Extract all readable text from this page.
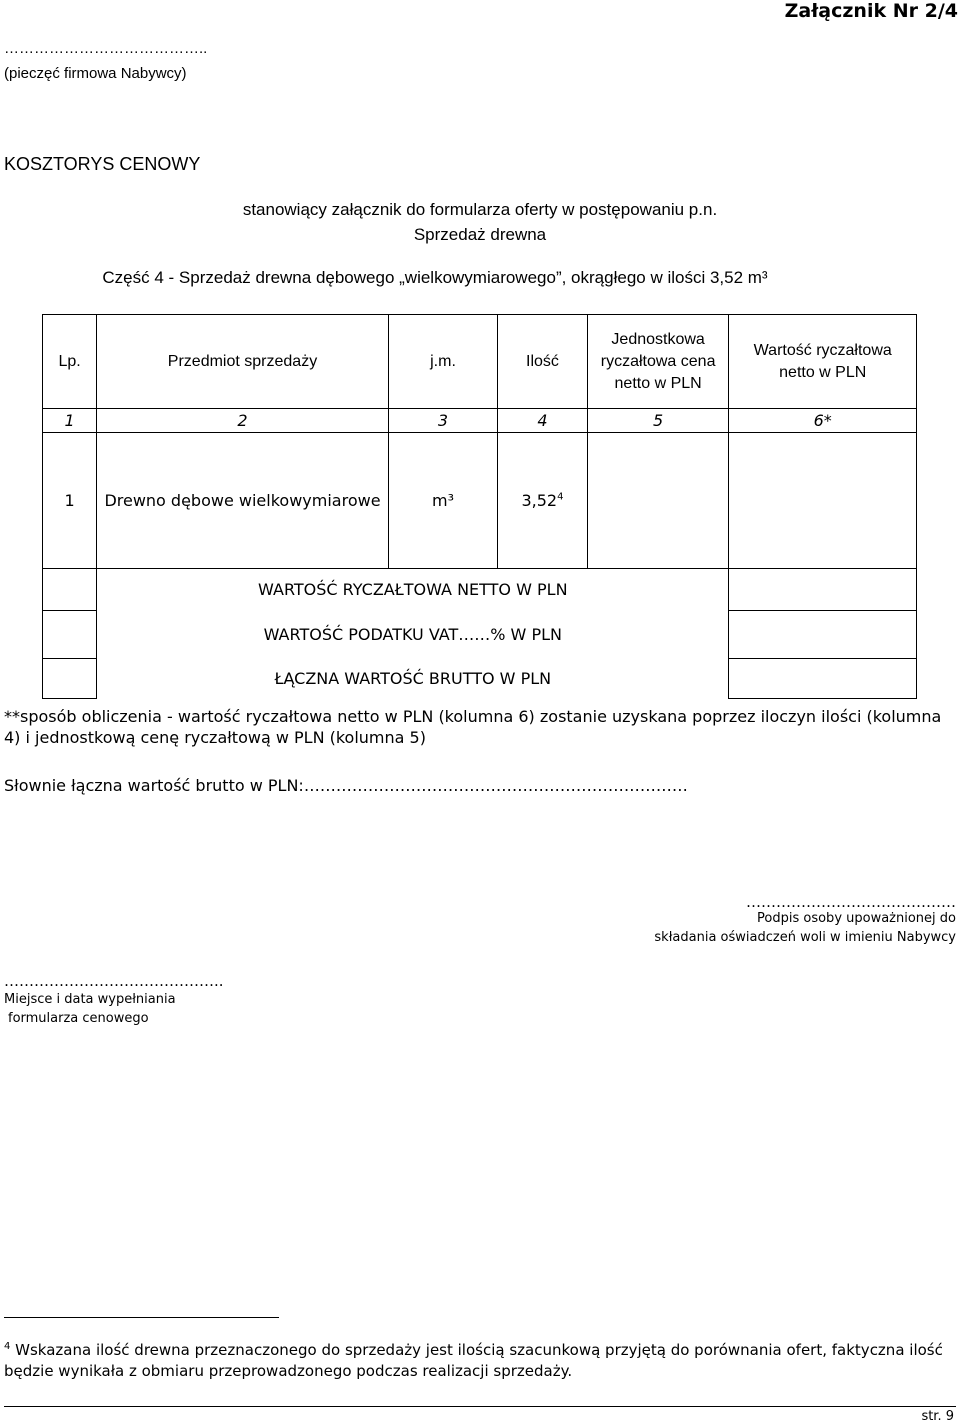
Załącznik Nr 2/4
…………………………………..
(pieczęć firmowa Nabywcy)
KOSZTORYS CENOWY
stanowiący załącznik do formularza oferty w postępowaniu p.n.
Sprzedaż drewna
Część 4 - Sprzedaż drewna dębowego „wielkowymiarowego”, okrągłego w ilości 3,52 m³
Lp.	Przedmiot sprzedaży	j.m.	Ilość	Jednostkowa ryczałtowa cena netto w PLN	Wartość ryczałtowa netto w PLN
1	2	3	4	5	6*
1	Drewno dębowe wielkowymiarowe	m³	3,52$^4$		
	WARTOŚĆ RYCZAŁTOWA NETTO W PLN				
	WARTOŚĆ PODATKU VAT……% W PLN				
	ŁĄCZNA WARTOŚĆ BRUTTO W PLN				
**sposób obliczenia - wartość ryczałtowa netto w PLN (kolumna 6) zostanie uzyskana poprzez iloczyn ilości (kolumna 4) i jednostkową cenę ryczałtową w PLN (kolumna 5)
Słownie łączna wartość brutto w PLN:………………………………………………………………
……………………………………
Podpis osoby upoważnionej do
składania oświadczeń woli w imieniu Nabywcy
……………………………………..
Miejsce i data wypełniania
formularza cenowego
$^4$ Wskazana ilość drewna przeznaczonego do sprzedaży jest ilością szacunkową przyjętą do porównania ofert, faktyczna ilość będzie wynikała z obmiaru przeprowadzonego podczas realizacji sprzedaży.
str. 9
